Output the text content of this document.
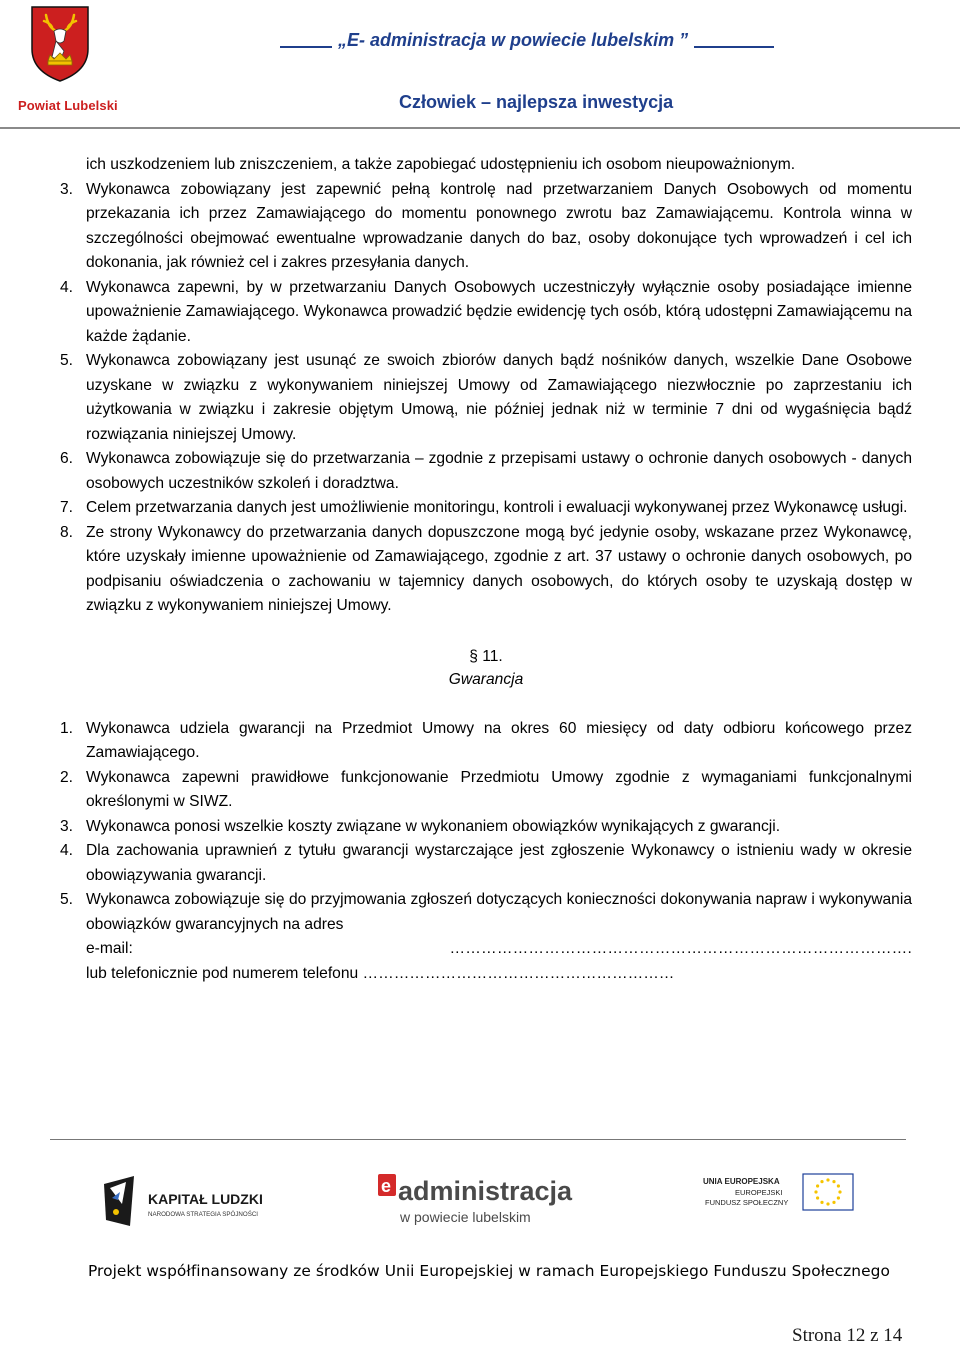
Powiat Lubelski
„E- administracja w powiecie lubelskim ”
Człowiek – najlepsza inwestycja
ich uszkodzeniem lub zniszczeniem, a także zapobiegać udostępnieniu ich osobom nieupoważnionym.
3. Wykonawca zobowiązany jest zapewnić pełną kontrolę nad przetwarzaniem Danych Osobowych od momentu przekazania ich przez Zamawiającego do momentu ponownego zwrotu baz Zamawiającemu. Kontrola winna w szczególności obejmować ewentualne wprowadzanie danych do baz, osoby dokonujące tych wprowadzeń i cel ich dokonania, jak również cel i zakres przesyłania danych.
4. Wykonawca zapewni, by w przetwarzaniu Danych Osobowych uczestniczyły wyłącznie osoby posiadające imienne upoważnienie Zamawiającego. Wykonawca prowadzić będzie ewidencję tych osób, którą udostępni Zamawiającemu na każde żądanie.
5. Wykonawca zobowiązany jest usunąć ze swoich zbiorów danych bądź nośników danych, wszelkie Dane Osobowe uzyskane w związku z wykonywaniem niniejszej Umowy od Zamawiającego niezwłocznie po zaprzestaniu ich użytkowania w związku i zakresie objętym Umową, nie później jednak niż w terminie 7 dni od wygaśnięcia bądź rozwiązania niniejszej Umowy.
6. Wykonawca zobowiązuje się do przetwarzania – zgodnie z przepisami ustawy o ochronie danych osobowych - danych osobowych uczestników szkoleń i doradztwa.
7. Celem przetwarzania danych jest umożliwienie monitoringu, kontroli i ewaluacji wykonywanej przez Wykonawcę usługi.
8. Ze strony Wykonawcy do przetwarzania danych dopuszczone mogą być jedynie osoby, wskazane przez Wykonawcę, które uzyskały imienne upoważnienie od Zamawiającego, zgodnie z art. 37 ustawy o ochronie danych osobowych, po podpisaniu oświadczenia o zachowaniu w tajemnicy danych osobowych, do których osoby te uzyskają dostęp w związku z wykonywaniem niniejszej Umowy.
§ 11.
Gwarancja
1. Wykonawca udziela gwarancji na Przedmiot Umowy na okres 60 miesięcy od daty odbioru końcowego przez Zamawiającego.
2. Wykonawca zapewni prawidłowe funkcjonowanie Przedmiotu Umowy zgodnie z wymaganiami funkcjonalnymi określonymi w SIWZ.
3. Wykonawca ponosi wszelkie koszty związane w wykonaniem obowiązków wynikających z gwarancji.
4. Dla zachowania uprawnień z tytułu gwarancji wystarczające jest zgłoszenie Wykonawcy o istnieniu wady w okresie obowiązywania gwarancji.
5. Wykonawca zobowiązuje się do przyjmowania zgłoszeń dotyczących konieczności dokonywania napraw i wykonywania obowiązków gwarancyjnych na adres
e-mail:	…………………………………………………………………………….
lub telefonicznie pod numerem telefonu ……………………………………………………
KAPITAŁ LUDZKI
NARODOWA STRATEGIA SPÓJNOŚCI
e administracja
w powiecie lubelskim
UNIA EUROPEJSKA
EUROPEJSKI
FUNDUSZ SPOŁECZNY
Projekt współfinansowany ze środków Unii Europejskiej w ramach Europejskiego Funduszu Społecznego
Strona 12 z 14
